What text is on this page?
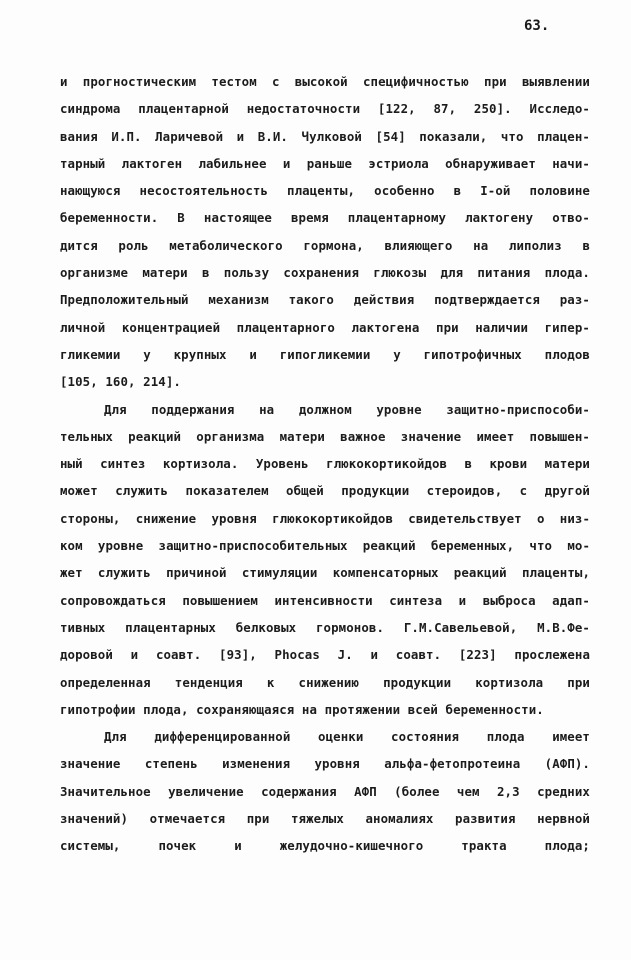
63.
и прогностическим тестом с высокой специфичностью при выявлении
синдрома плацентарной недостаточности [122, 87, 250]. Исследо-
вания И.П. Ларичевой и В.И. Чулковой [54] показали, что плацен-
тарный лактоген лабильнее и раньше эстриола обнаруживает начи-
нающуюся несостоятельность плаценты, особенно в I-ой половине
беременности. В настоящее время плацентарному лактогену отво-
дится роль метаболического гормона, влияющего на липолиз в
организме матери в пользу сохранения глюкозы для питания плода.
Предположительный механизм такого действия подтверждается раз-
личной концентрацией плацентарного лактогена при наличии гипер-
гликемии у крупных и гипогликемии у гипотрофичных плодов
[105, 160, 214].
Для поддержания на должном уровне защитно-приспособи-
тельных реакций организма матери важное значение имеет повышен-
ный синтез кортизола. Уровень глюкокортикойдов в крови матери
может служить показателем общей продукции стероидов, с другой
стороны, снижение уровня глюкокортикойдов свидетельствует о низ-
ком уровне защитно-приспособительных реакций беременных, что мо-
жет служить причиной стимуляции компенсаторных реакций плаценты,
сопровождаться повышением интенсивности синтеза и выброса адап-
тивных плацентарных белковых гормонов. Г.М.Савельевой, М.В.Фе-
доровой и соавт. [93], Phocas J. и соавт. [223] прослежена
определенная тенденция к снижению продукции кортизола при
гипотрофии плода, сохраняющаяся на протяжении всей беременности.
Для дифференцированной оценки состояния плода имеет
значение степень изменения уровня альфа-фетопротеина (АФП).
Значительное увеличение содержания АФП (более чем 2,3 средних
значений) отмечается при тяжелых аномалиях развития нервной
системы, почек и желудочно-кишечного тракта плода;
